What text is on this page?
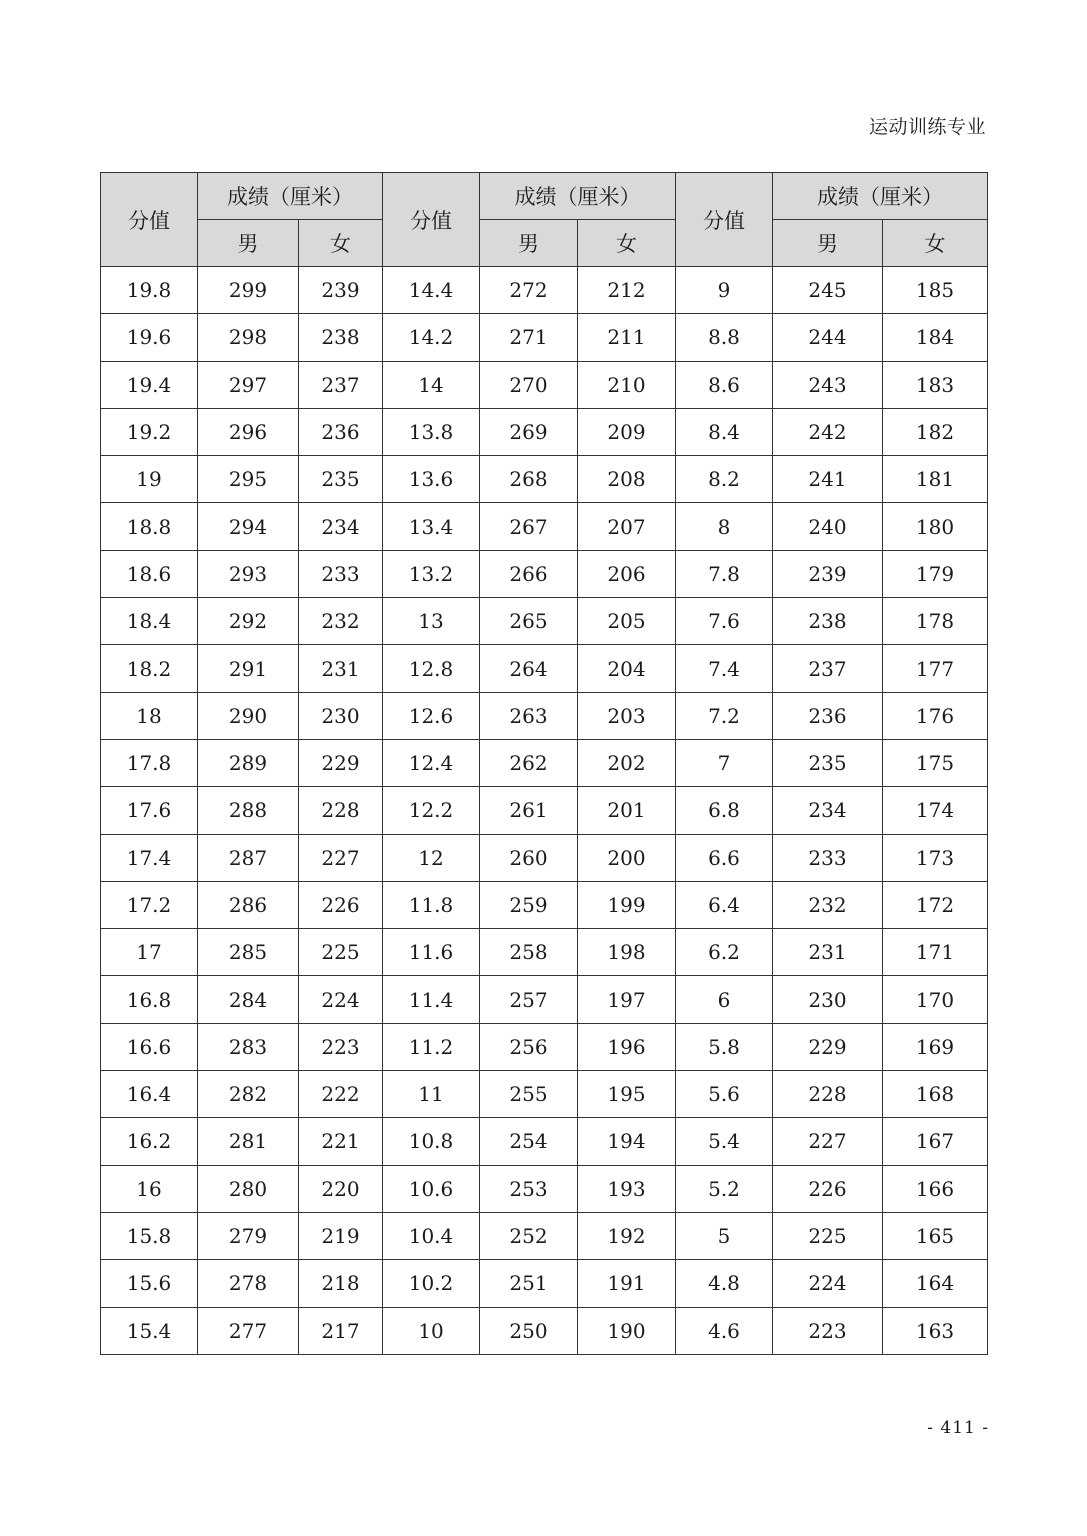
运动训练专业
分值	成绩（厘米）		分值	成绩（厘米）		分值	成绩（厘米）	
	男	女		男	女		男	女
19.8	299	239	14.4	272	212	9	245	185
19.6	298	238	14.2	271	211	8.8	244	184
19.4	297	237	14	270	210	8.6	243	183
19.2	296	236	13.8	269	209	8.4	242	182
19	295	235	13.6	268	208	8.2	241	181
18.8	294	234	13.4	267	207	8	240	180
18.6	293	233	13.2	266	206	7.8	239	179
18.4	292	232	13	265	205	7.6	238	178
18.2	291	231	12.8	264	204	7.4	237	177
18	290	230	12.6	263	203	7.2	236	176
17.8	289	229	12.4	262	202	7	235	175
17.6	288	228	12.2	261	201	6.8	234	174
17.4	287	227	12	260	200	6.6	233	173
17.2	286	226	11.8	259	199	6.4	232	172
17	285	225	11.6	258	198	6.2	231	171
16.8	284	224	11.4	257	197	6	230	170
16.6	283	223	11.2	256	196	5.8	229	169
16.4	282	222	11	255	195	5.6	228	168
16.2	281	221	10.8	254	194	5.4	227	167
16	280	220	10.6	253	193	5.2	226	166
15.8	279	219	10.4	252	192	5	225	165
15.6	278	218	10.2	251	191	4.8	224	164
15.4	277	217	10	250	190	4.6	223	163
- 411 -
